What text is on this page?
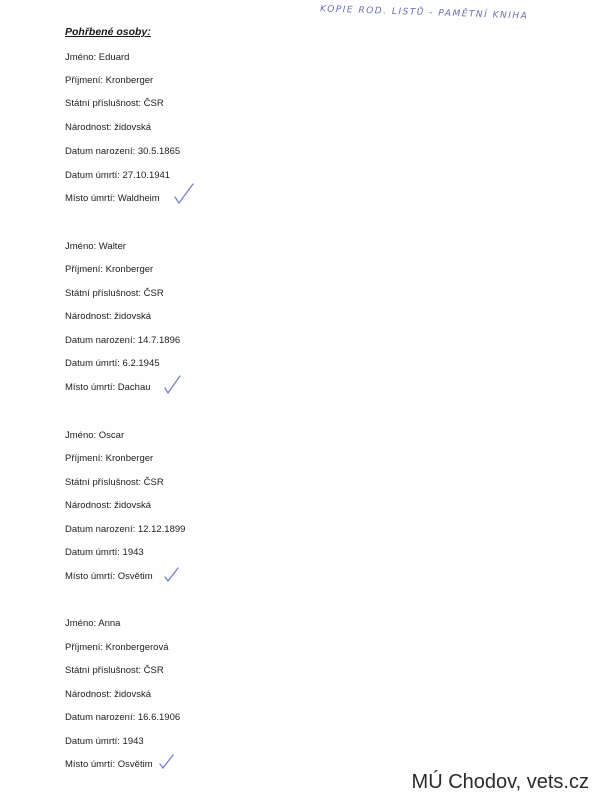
Pohřbené osoby:
KOPIE ROD. LISTŮ - PAMĚTNÍ KNIHA
Jméno: Eduard
Příjmení: Kronberger
Státní příslušnost: ČSR
Národnost: židovská
Datum narození: 30.5.1865
Datum úmrtí: 27.10.1941
Místo úmrtí: Waldheim
Jméno: Walter
Příjmení: Kronberger
Státní příslušnost: ČSR
Národnost: židovská
Datum narození: 14.7.1896
Datum úmrtí: 6.2.1945
Místo úmrtí: Dachau
Jméno: Oscar
Příjmení: Kronberger
Státní příslušnost: ČSR
Národnost: židovská
Datum narození: 12.12.1899
Datum úmrtí: 1943
Místo úmrtí: Osvětim
Jméno: Anna
Příjmení: Kronbergerová
Státní příslušnost: ČSR
Národnost: židovská
Datum narození: 16.6.1906
Datum úmrtí: 1943
Místo úmrtí: Osvětim
MÚ Chodov, vets.cz
